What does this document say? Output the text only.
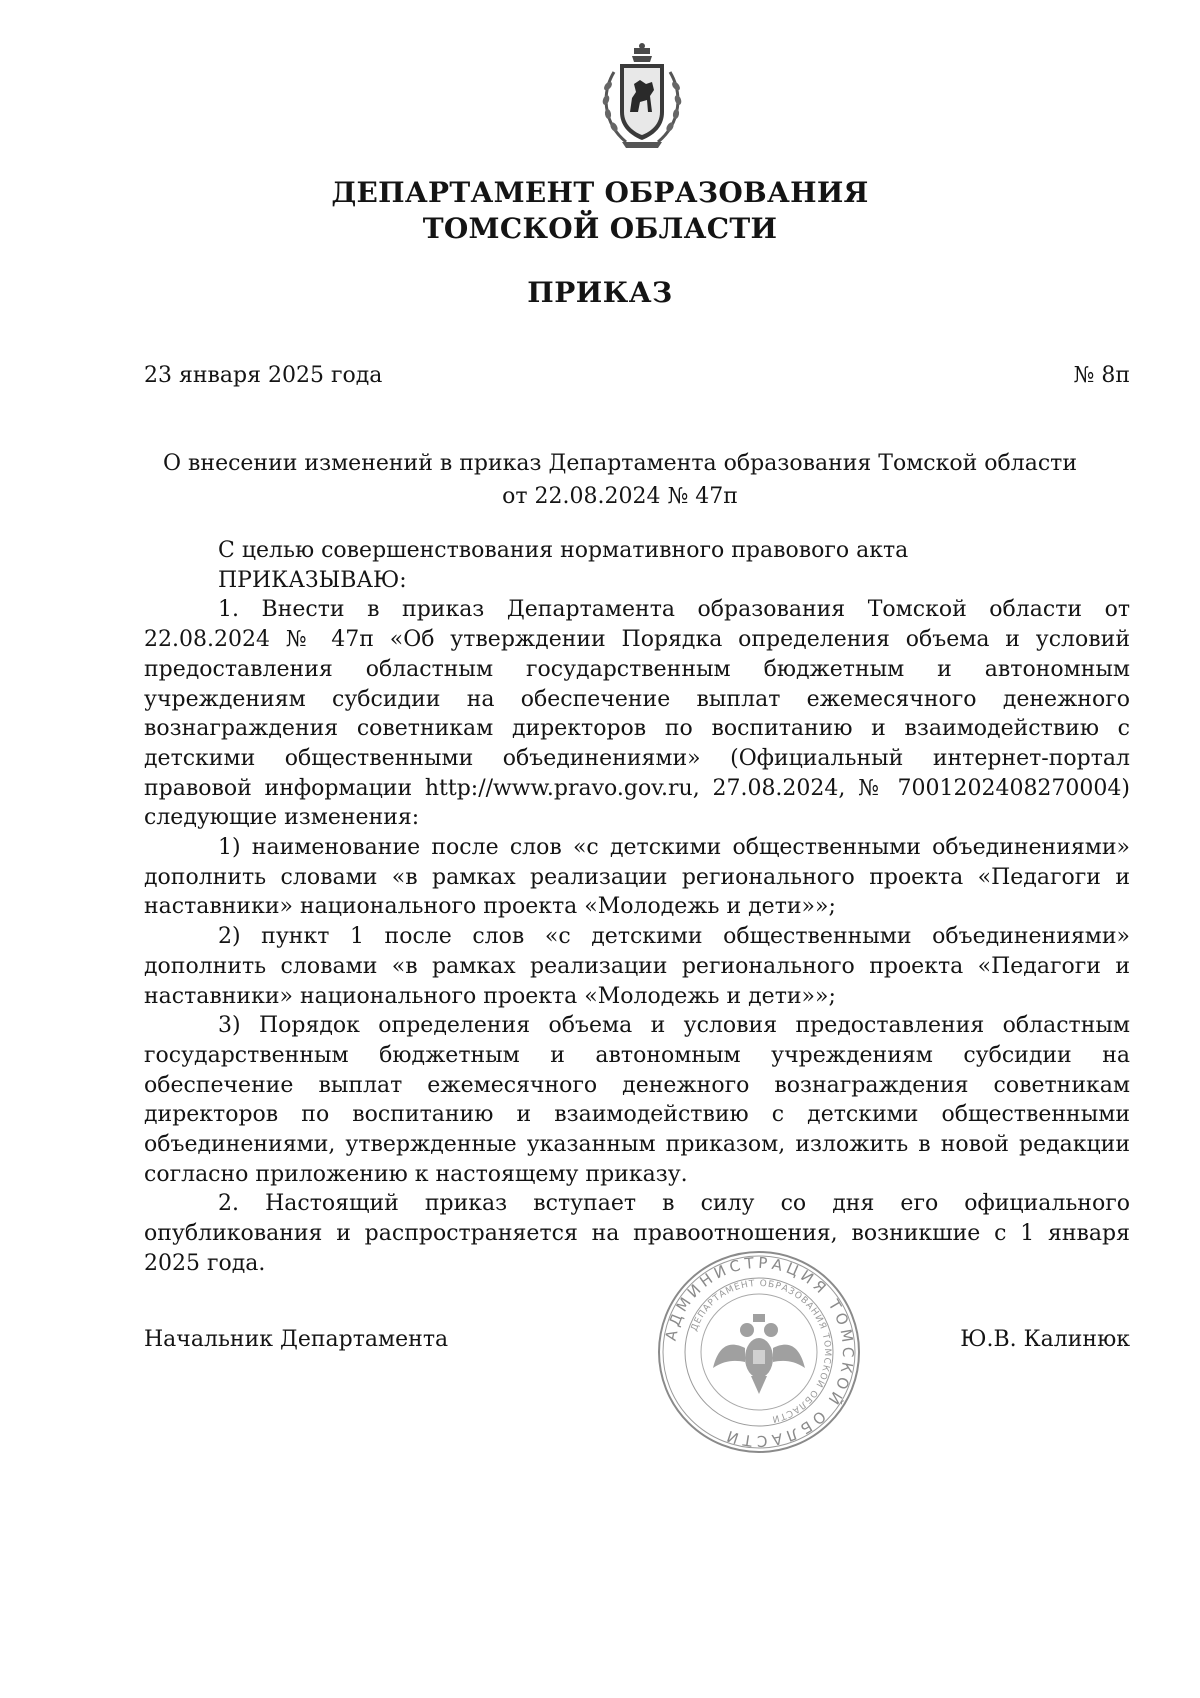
ДЕПАРТАМЕНТ ОБРАЗОВАНИЯ
ТОМСКОЙ ОБЛАСТИ
ПРИКАЗ
23 января 2025 года	№ 8п
О внесении изменений в приказ Департамента образования Томской области
от 22.08.2024 № 47п

С целью совершенствования нормативного правового акта

ПРИКАЗЫВАЮ:

1. Внести в приказ Департамента образования Томской области от 22.08.2024 № 47п «Об утверждении Порядка определения объема и условий предоставления областным государственным бюджетным и автономным учреждениям субсидии на обеспечение выплат ежемесячного денежного вознаграждения советникам директоров по воспитанию и взаимодействию с детскими общественными объединениями» (Официальный интернет-портал правовой информации http://www.pravo.gov.ru, 27.08.2024, № 7001202408270004) следующие изменения:

1) наименование после слов «с детскими общественными объединениями» дополнить словами «в рамках реализации регионального проекта «Педагоги и наставники» национального проекта «Молодежь и дети»»;

2) пункт 1 после слов «с детскими общественными объединениями» дополнить словами «в рамках реализации регионального проекта «Педагоги и наставники» национального проекта «Молодежь и дети»»;

3) Порядок определения объема и условия предоставления областным государственным бюджетным и автономным учреждениям субсидии на обеспечение выплат ежемесячного денежного вознаграждения советникам директоров по воспитанию и взаимодействию с детскими общественными объединениями, утвержденные указанным приказом, изложить в новой редакции согласно приложению к настоящему приказу.

2. Настоящий приказ вступает в силу со дня его официального опубликования и распространяется на правоотношения, возникшие с 1 января 2025 года.

Начальник Департамента	Ю.В. Калинюк
АДМИНИСТРАЦИЯ ТОМСКОЙ ОБЛАСТИ
ДЕПАРТАМЕНТ ОБРАЗОВАНИЯ ТОМСКОЙ ОБЛАСТИ
